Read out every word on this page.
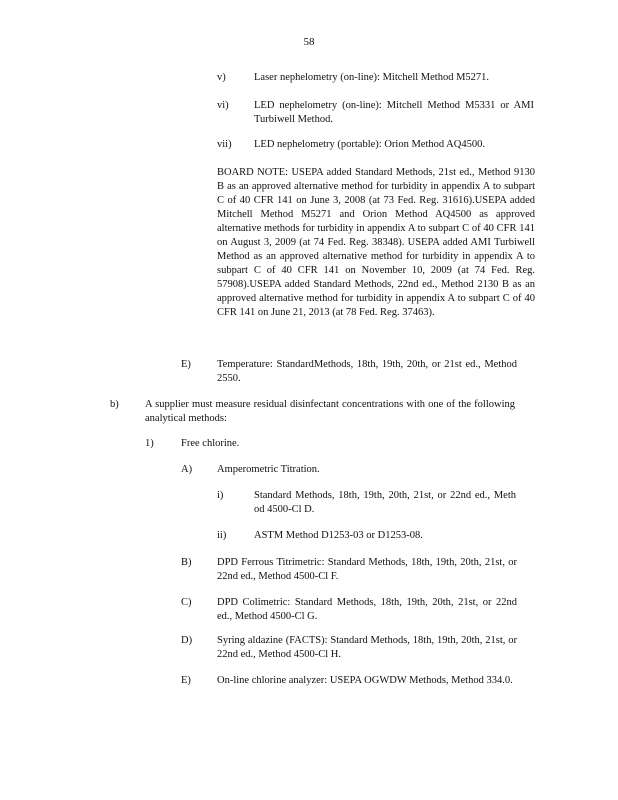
58
v)	Laser nephelometry (on-line): Mitchell Method M5271.
vi) LED nephelometry (on-line): Mitchell Method M5331 or AMI Turbiwell Method.
vii) LED nephelometry (portable): Orion Method AQ4500.
BOARD NOTE: USEPA added Standard Methods, 21st ed., Method 9130 B as an approved alternative method for turbidity in appendix A to subpart C of 40 CFR 141 on June 3, 2008 (at 73 Fed. Reg. 31616).USEPA added Mitchell Method M5271 and Orion Method AQ4500 as approved alternative methods for turbidity in appendix A to subpart C of 40 CFR 141 on August 3, 2009 (at 74 Fed. Reg. 38348). USEPA added AMI Turbiwell Method as an approved alternative method for turbidity in appendix A to subpart C of 40 CFR 141 on November 10, 2009 (at 74 Fed. Reg. 57908).USEPA added Standard Methods, 22nd ed., Method 2130 B as an approved alternative method for turbidity in appendix A to subpart C of 40 CFR 141 on June 21, 2013 (at 78 Fed. Reg. 37463).
E) Temperature: StandardMethods, 18th, 19th, 20th, or 21st ed., Method 2550.
b)	A supplier must measure residual disinfectant concentrations with one of the following analytical methods:
1)	Free chlorine.
A) Amperometric Titration.
i)	Standard Methods, 18th, 19th, 20th, 21st, or 22nd ed., Meth od 4500-Cl D.
ii)	ASTM Method D1253-03 or D1253-08.
B) DPD Ferrous Titrimetric: Standard Methods, 18th, 19th, 20th, 21st, or 22nd ed., Method 4500-Cl F.
C) DPD Colimetric: Standard Methods, 18th, 19th, 20th, 21st, or 22nd ed., Method 4500-Cl G.
D) Syring aldazine (FACTS): Standard Methods, 18th, 19th, 20th, 21st, or 22nd ed., Method 4500-Cl H.
E) On-line chlorine analyzer: USEPA OGWDW Methods, Method 334.0.
